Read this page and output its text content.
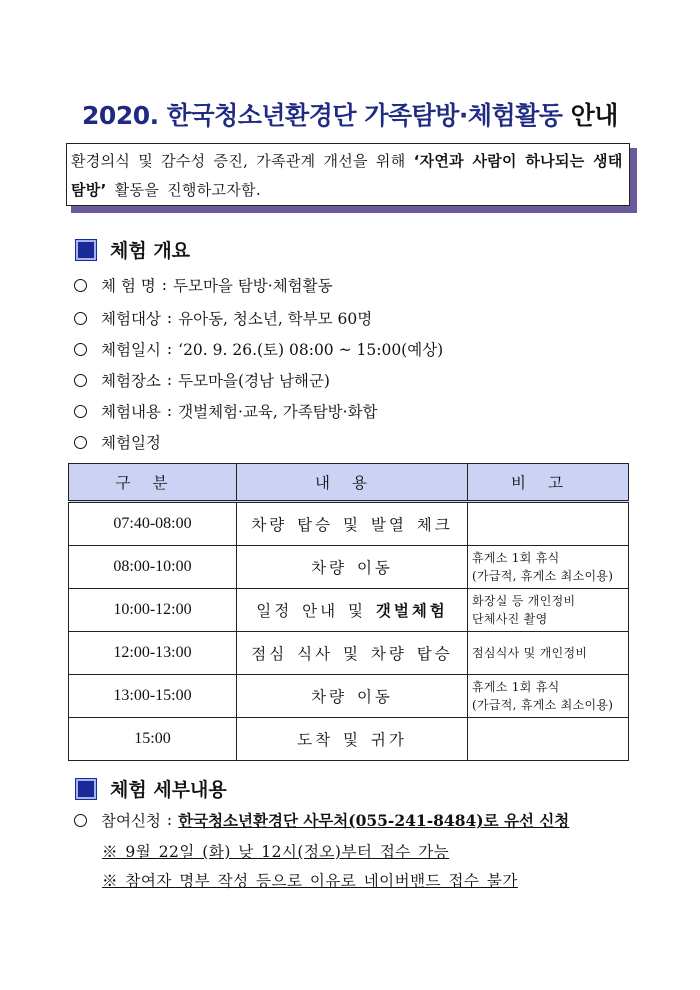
2020. 한국청소년환경단 가족탐방·체험활동 안내
환경의식 및 감수성 증진, 가족관계 개선을 위해 ‘자연과 사람이 하나되는 생태탐방’ 활동을 진행하고자함.
체험 개요
체 험 명 : 두모마을 탐방·체험활동
체험대상 : 유아동, 청소년, 학부모 60명
체험일시 : ‘20. 9. 26.(토) 08:00 ~ 15:00(예상)
체험장소 : 두모마을(경남 남해군)
체험내용 : 갯벌체험·교육, 가족탐방·화합
체험일정
구분	내용	비고
07:40-08:00	차량 탑승 및 발열 체크	
08:00-10:00	차량 이동	휴게소 1회 휴식
(가급적, 휴게소 최소이용)

10:00-12:00	일정 안내 및 갯벌체험	화장실 등 개인정비
단체사진 촬영

12:00-13:00	점심 식사 및 차량 탑승	점심식사 및 개인정비

13:00-15:00	차량 이동	휴게소 1회 휴식
(가급적, 휴게소 최소이용)

15:00	도착 및 귀가	
체험 세부내용
참여신청 : 한국청소년환경단 사무처(055-241-8484)로 유선 신청
※ 9월 22일 (화) 낮 12시(정오)부터 접수 가능
※ 참여자 명부 작성 등으로 이유로 네이버밴드 접수 불가
